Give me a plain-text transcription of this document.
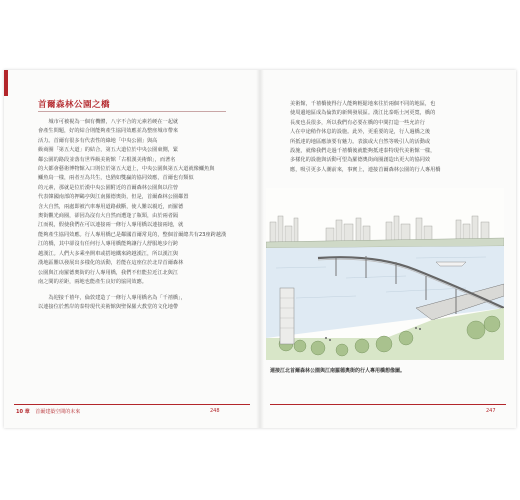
首爾森林公園之橋
　　城市可被視為一個有機體，八字不合的元素若硬在一起就
會產生問題，好的結合則能夠產生協同效應並為整座城市帶來
活力。首爾有很多有代表性的綠地「中央公園」與高
級商圈「第五大道」的結合，第五大道位於中央公園東側，緊
鄰公園的路段並落有世界級美術館「古根漢美術館」，而著名
的大都會藝術博物館入口則位於第五大道上，中央公園與第五大道就像鱷魚與
鱷魚鳥一樣，兩者互為共生，也猶如雙贏的協同效應，首爾也有類似
的元素，那就是位於漢中央公園附近的首爾森林公園與以往曾
代表韓國南部的押鷗亭與江南羅德奧街，但是，首爾森林公園鄰置
含大自然，兩處即被汽車專用道路截斷，使人難以親近，而羅德
奧街觀光商圈，卻因為沒有大自然而遭逢了瓶頸，由於兩者隔
江而視，假使我們在可以連接兩一條行人專用橋以連接兩地，就
能夠產生協同效應。行人專用橋已是鄰國首爾常見的，整個首爾總共有23座跨越漢
江的橋，其中卻沒有任何行人專用橋能夠讓行人舒服地步行跨
越漢江。人們大多乘坐開車或搭地鐵來跨越漢江，所以漢江與
漢地區難以發展出多樣化的活動，若能在這座位於北岸首爾森林
公園與江南羅德奧街的行人專用橋，我們不但能拉近江北與江
南之間的差距，兩地也能產生良好的協同效應。
　　為迎接千禧年，倫敦建造了一條行人專用橋名為「千禧橋」，
以連接位於舊岸的泰特現代美術館與聖保羅大教堂的文化地帶
10 章 首爾建築空間的未來	248
美術館，千禧橋使得行人能夠輕鬆地來往於兩個不同的地區，也
使周邊地區成為倫敦的新興發展區。漢江比泰晤士河更寬，橋的
長度也長很多，所以我們有必要在橋的中間打造一些允許行
人在中途稍作休息的設施。此外，更重要的是，行人過橋之後
所抵達的地區應該要有魅力。表演或大自然等吸引人的活動或
設施，就像我們走過千禧橋後就能夠抵達泰特現代美術館一樣，
多樣化的設施與活動可望為羅德奧街商圈創造出更大的協同效
應，吸引更多人潮前來，事實上，連接首爾森林公園的行人專用橋
連接江北首爾森林公園與江南羅德奧街的行人專用橋想像圖。
247
